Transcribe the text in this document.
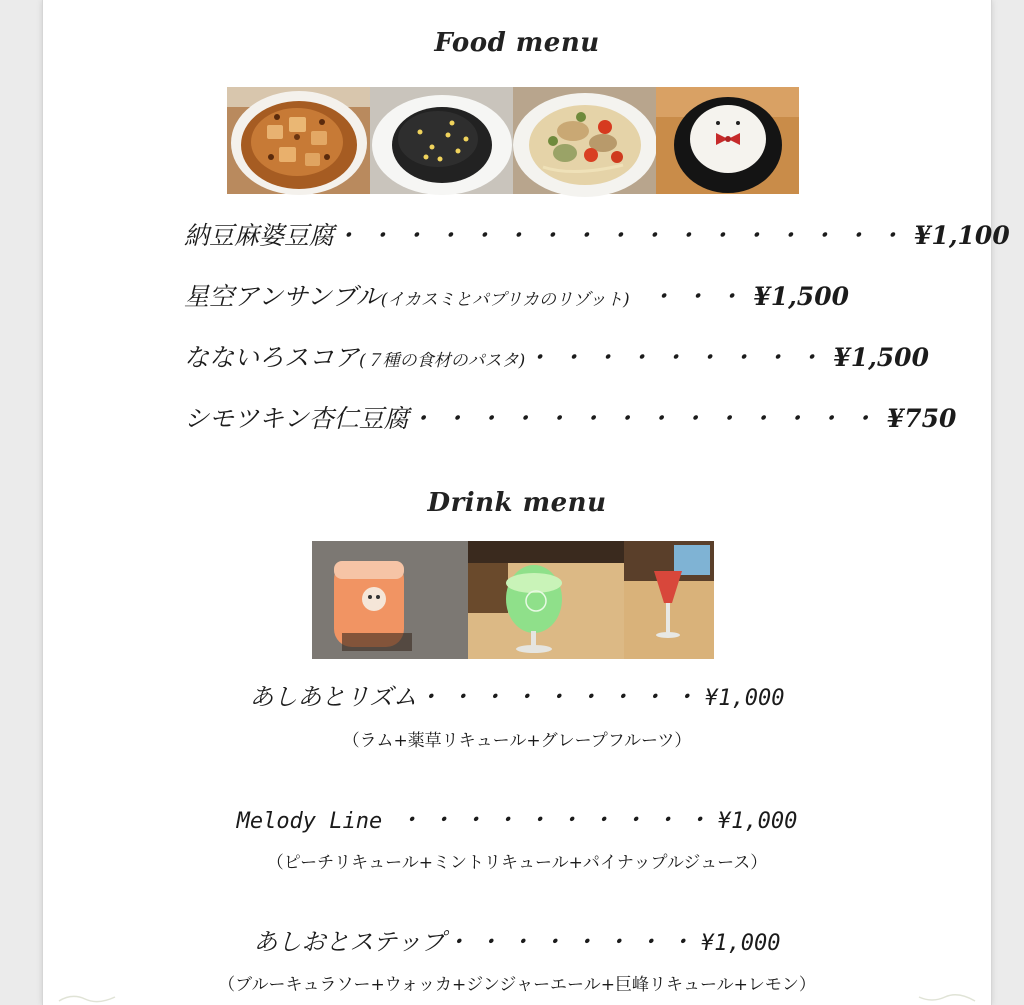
Food menu
納豆麻婆豆腐 ・・・・・・・・・・・・・・・・・ ¥1,100
星空アンサンブル (イカスミとパプリカのリゾット) ・・・ ¥1,500
なないろスコア (７種の食材のパスタ) ・・・・・・・・・ ¥1,500
シモツキン杏仁豆腐 ・・・・・・・・・・・・・・ ¥750
Drink menu
あしあとリズム・・・・・・・・・¥1,000
（ラム+薬草リキュール+グレープフルーツ）
Melody Line ・・・・・・・・・・¥1,000
（ピーチリキュール+ミントリキュール+パイナップルジュース）
あしおとステップ・・・・・・・・¥1,000
（ブルーキュラソー+ウォッカ+ジンジャーエール+巨峰リキュール+レモン）
